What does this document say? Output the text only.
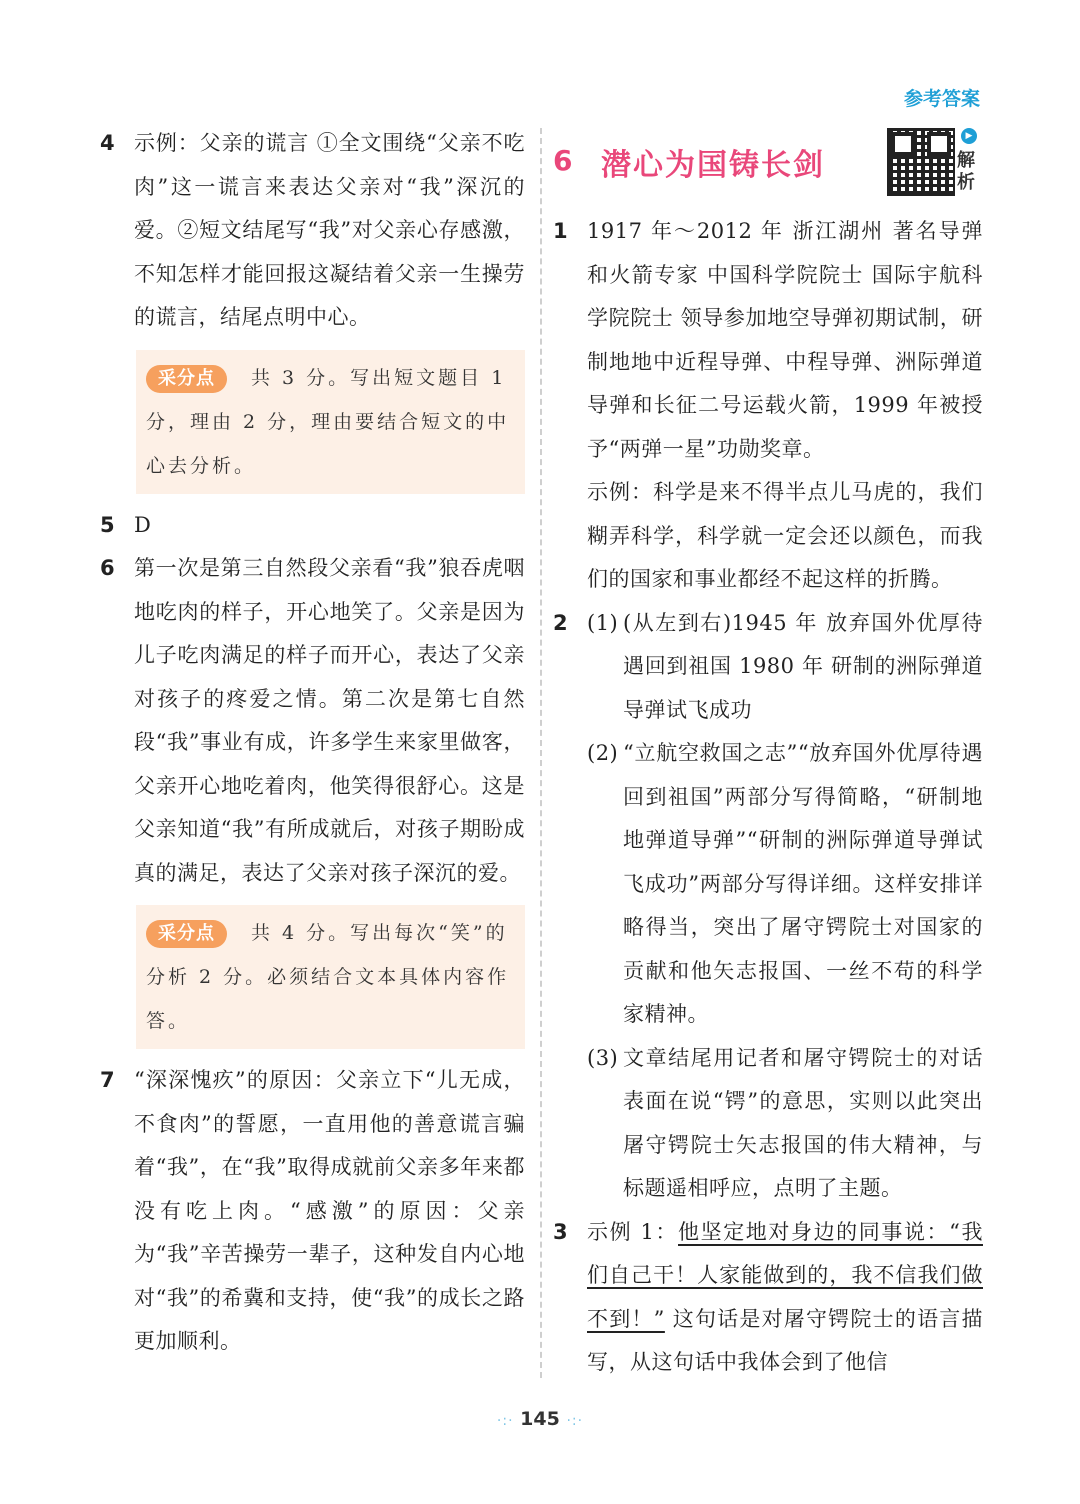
参考答案
4 示例：父亲的谎言 ①全文围绕“父亲不吃肉”这一谎言来表达父亲对“我”深沉的爱。②短文结尾写“我”对父亲心存感激，不知怎样才能回报这凝结着父亲一生操劳的谎言，结尾点明中心。

采分点 共 3 分。写出短文题目 1 分，理由 2 分，理由要结合短文的中心去分析。
5 D

6 第一次是第三自然段父亲看“我”狼吞虎咽地吃肉的样子，开心地笑了。父亲是因为儿子吃肉满足的样子而开心，表达了父亲对孩子的疼爱之情。第二次是第七自然段“我”事业有成，许多学生来家里做客，父亲开心地吃着肉，他笑得很舒心。这是父亲知道“我”有所成就后，对孩子期盼成真的满足，表达了父亲对孩子深沉的爱。

采分点 共 4 分。写出每次“笑”的分析 2 分。必须结合文本具体内容作答。
7 “深深愧疚”的原因：父亲立下“儿无成，不食肉”的誓愿，一直用他的善意谎言骗着“我”，在“我”取得成就前父亲多年来都没有吃上肉。“感激”的原因：父亲为“我”辛苦操劳一辈子，这种发自内心地对“我”的希冀和支持，使“我”的成长之路更加顺利。

6 潜心为国铸长剑
▶
解析
1 1917 年～2012 年 浙江湖州 著名导弹和火箭专家 中国科学院院士 国际宇航科学院院士 领导参加地空导弹初期试制，研制地地中近程导弹、中程导弹、洲际弹道导弹和长征二号运载火箭，1999 年被授予“两弹一星”功勋奖章。

示例：科学是来不得半点儿马虎的，我们糊弄科学，科学就一定会还以颜色，而我们的国家和事业都经不起这样的折腾。

2 (1) (从左到右)1945 年 放弃国外优厚待遇回到祖国 1980 年 研制的洲际弹道导弹试飞成功

(2) “立航空救国之志”“放弃国外优厚待遇回到祖国”两部分写得简略，“研制地地弹道导弹”“研制的洲际弹道导弹试飞成功”两部分写得详细。这样安排详略得当，突出了屠守锷院士对国家的贡献和他矢志报国、一丝不苟的科学家精神。

(3) 文章结尾用记者和屠守锷院士的对话表面在说“锷”的意思，实则以此突出屠守锷院士矢志报国的伟大精神，与标题遥相呼应，点明了主题。

3 示例 1：他坚定地对身边的同事说：“我们自己干！人家能做到的，我不信我们做不到！” 这句话是对屠守锷院士的语言描写，从这句话中我体会到了他信

·:· 145 ·:·
